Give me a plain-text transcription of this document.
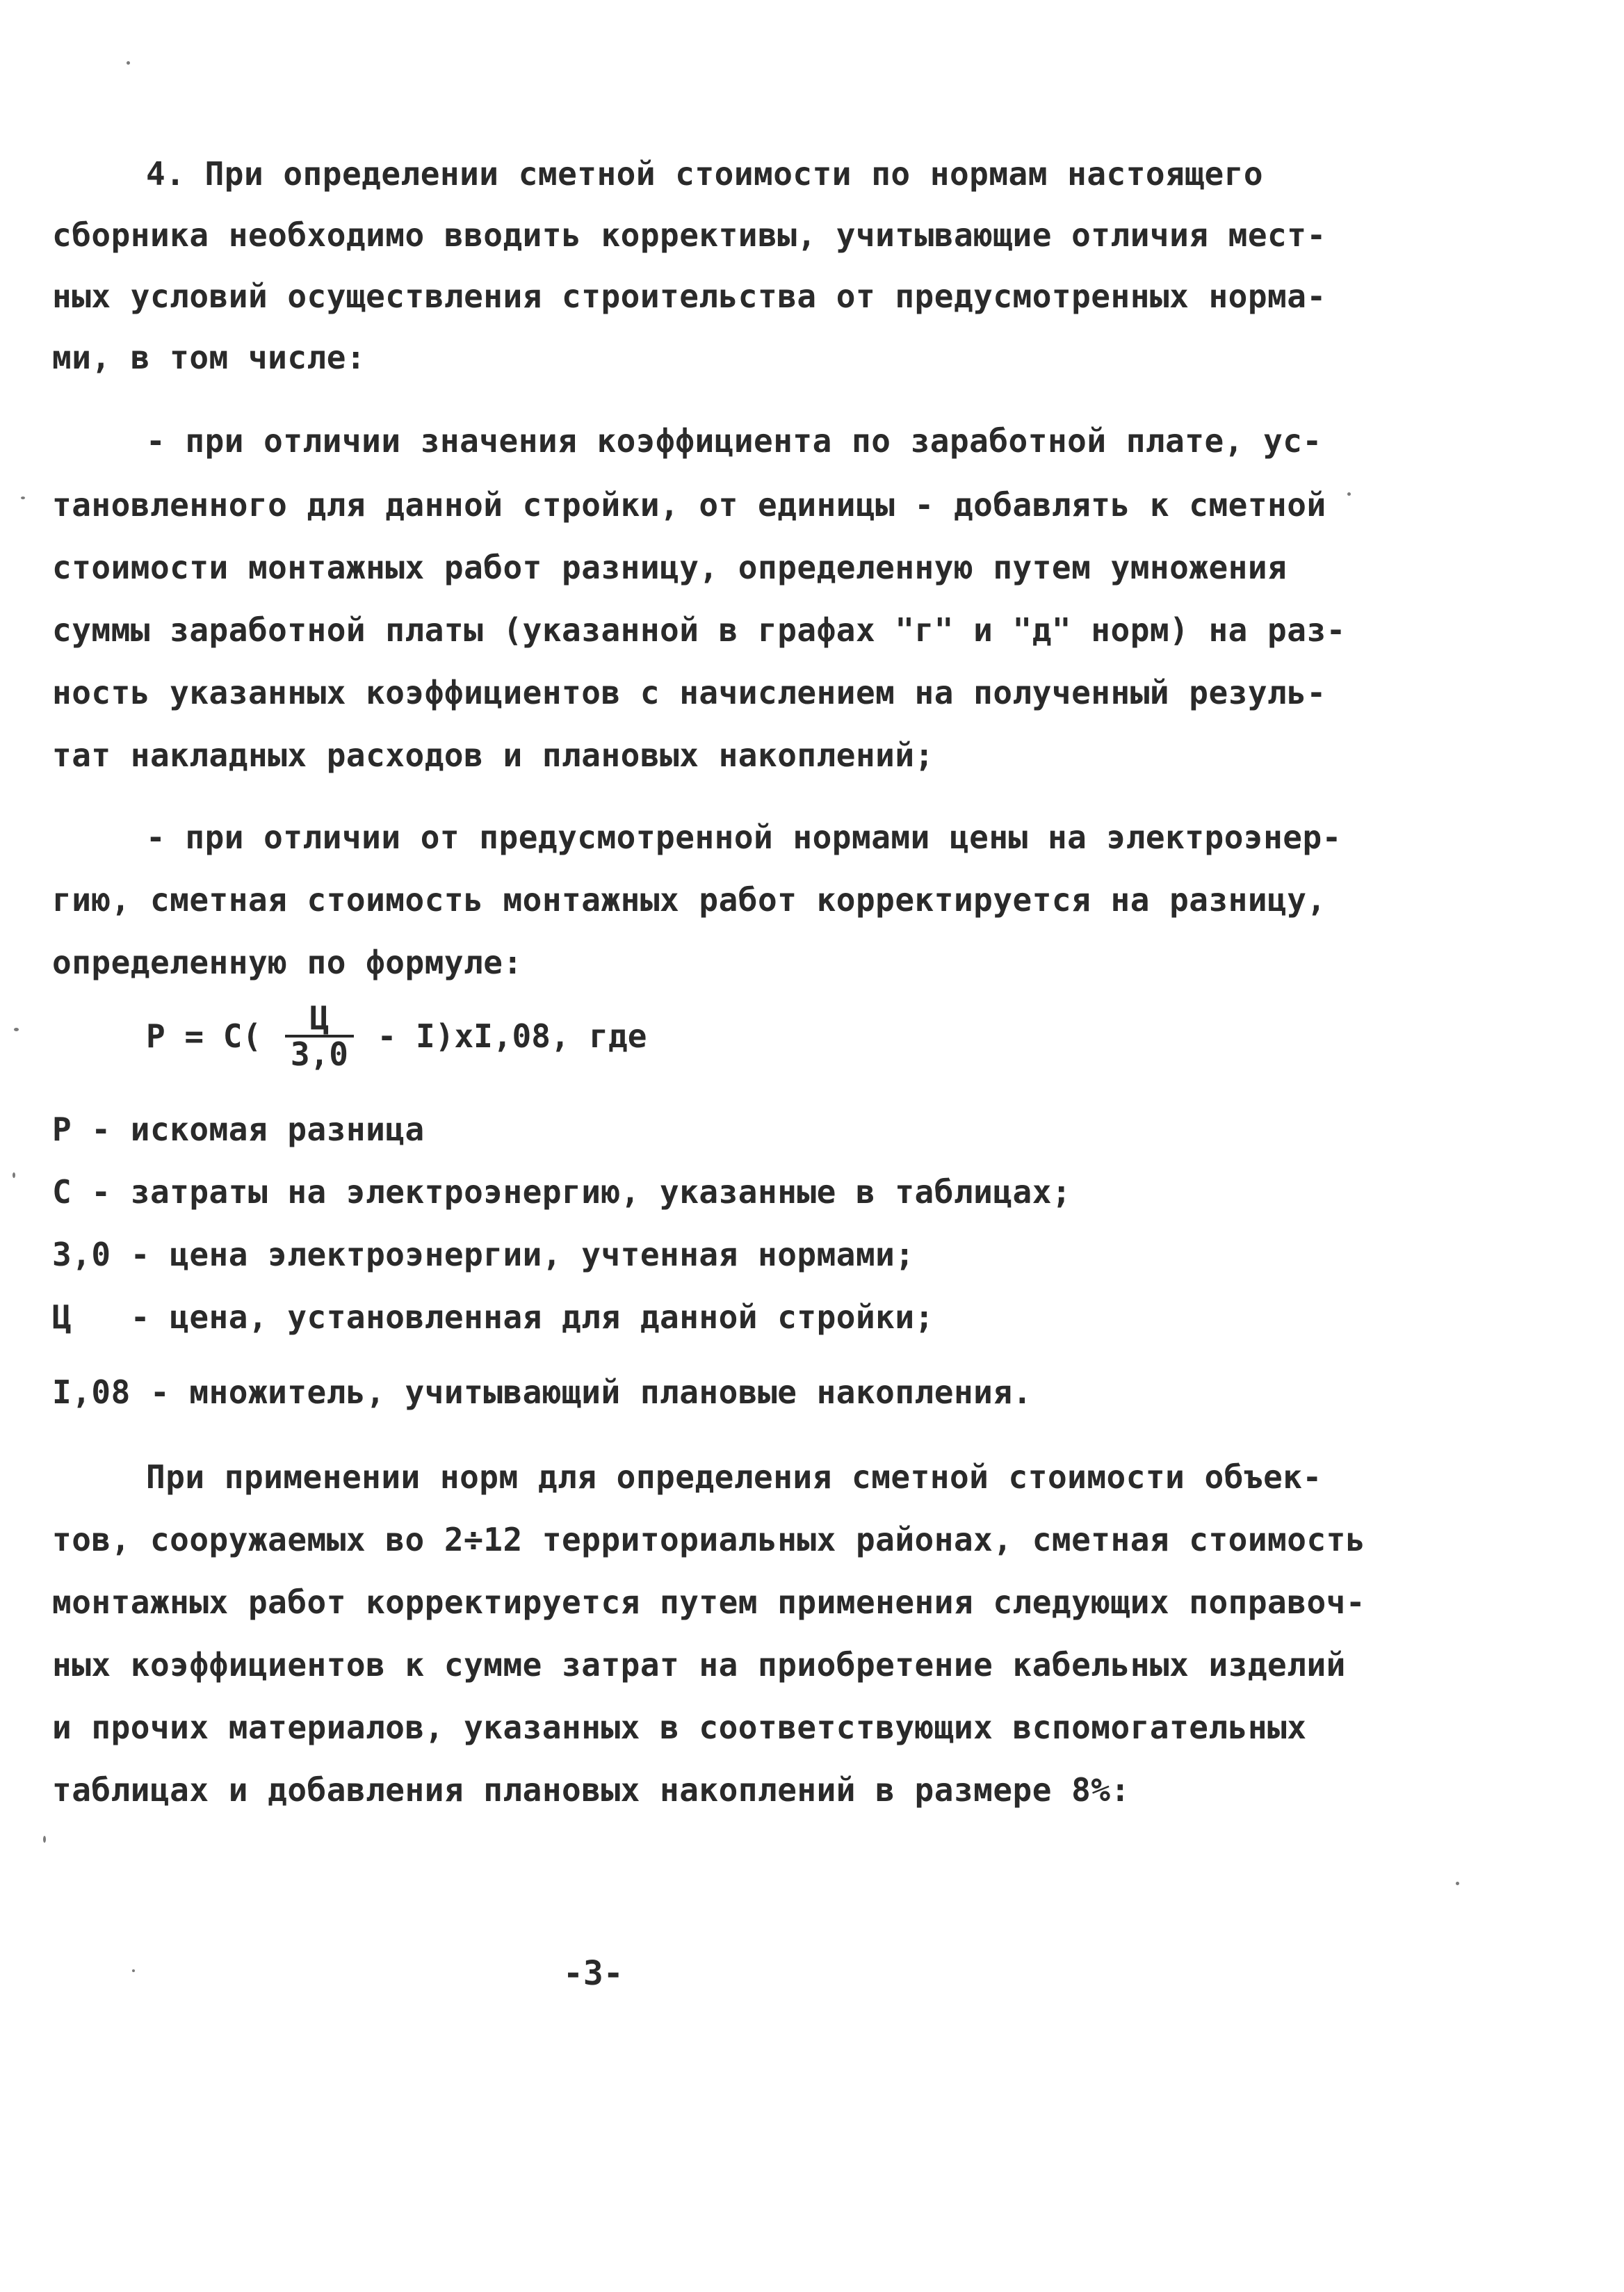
4. При определении сметной стоимости по нормам настоящего
сборника необходимо вводить коррективы, учитывающие отличия мест-
ных условий осуществления строительства от предусмотренных норма-
ми, в том числе:
- при отличии значения коэффициента по заработной плате, ус-
тановленного для данной стройки, от единицы - добавлять к сметной
стоимости монтажных работ разницу, определенную путем умножения
суммы заработной платы (указанной в графах "г" и "д" норм) на раз-
ность указанных коэффициентов с начислением на полученный резуль-
тат накладных расходов и плановых накоплений;
- при отличии от предусмотренной нормами цены на электроэнер-
гию, сметная стоимость монтажных работ корректируется на разницу,
определенную по формуле:
$P = C( \frac{Ц}{3,0} - I)xI,08$, где
Р - искомая разница
С - затраты на электроэнергию, указанные в таблицах;
3,0 - цена электроэнергии, учтенная нормами;
Ц   - цена, установленная для данной стройки;
I,08 - множитель, учитывающий плановые накопления.
При применении норм для определения сметной стоимости объек-
тов, сооружаемых во 2÷12 территориальных районах, сметная стоимость
монтажных работ корректируется путем применения следующих поправоч-
ных коэффициентов к сумме затрат на приобретение кабельных изделий
и прочих материалов, указанных в соответствующих вспомогательных
таблицах и добавления плановых накоплений в размере 8%:
-3-
